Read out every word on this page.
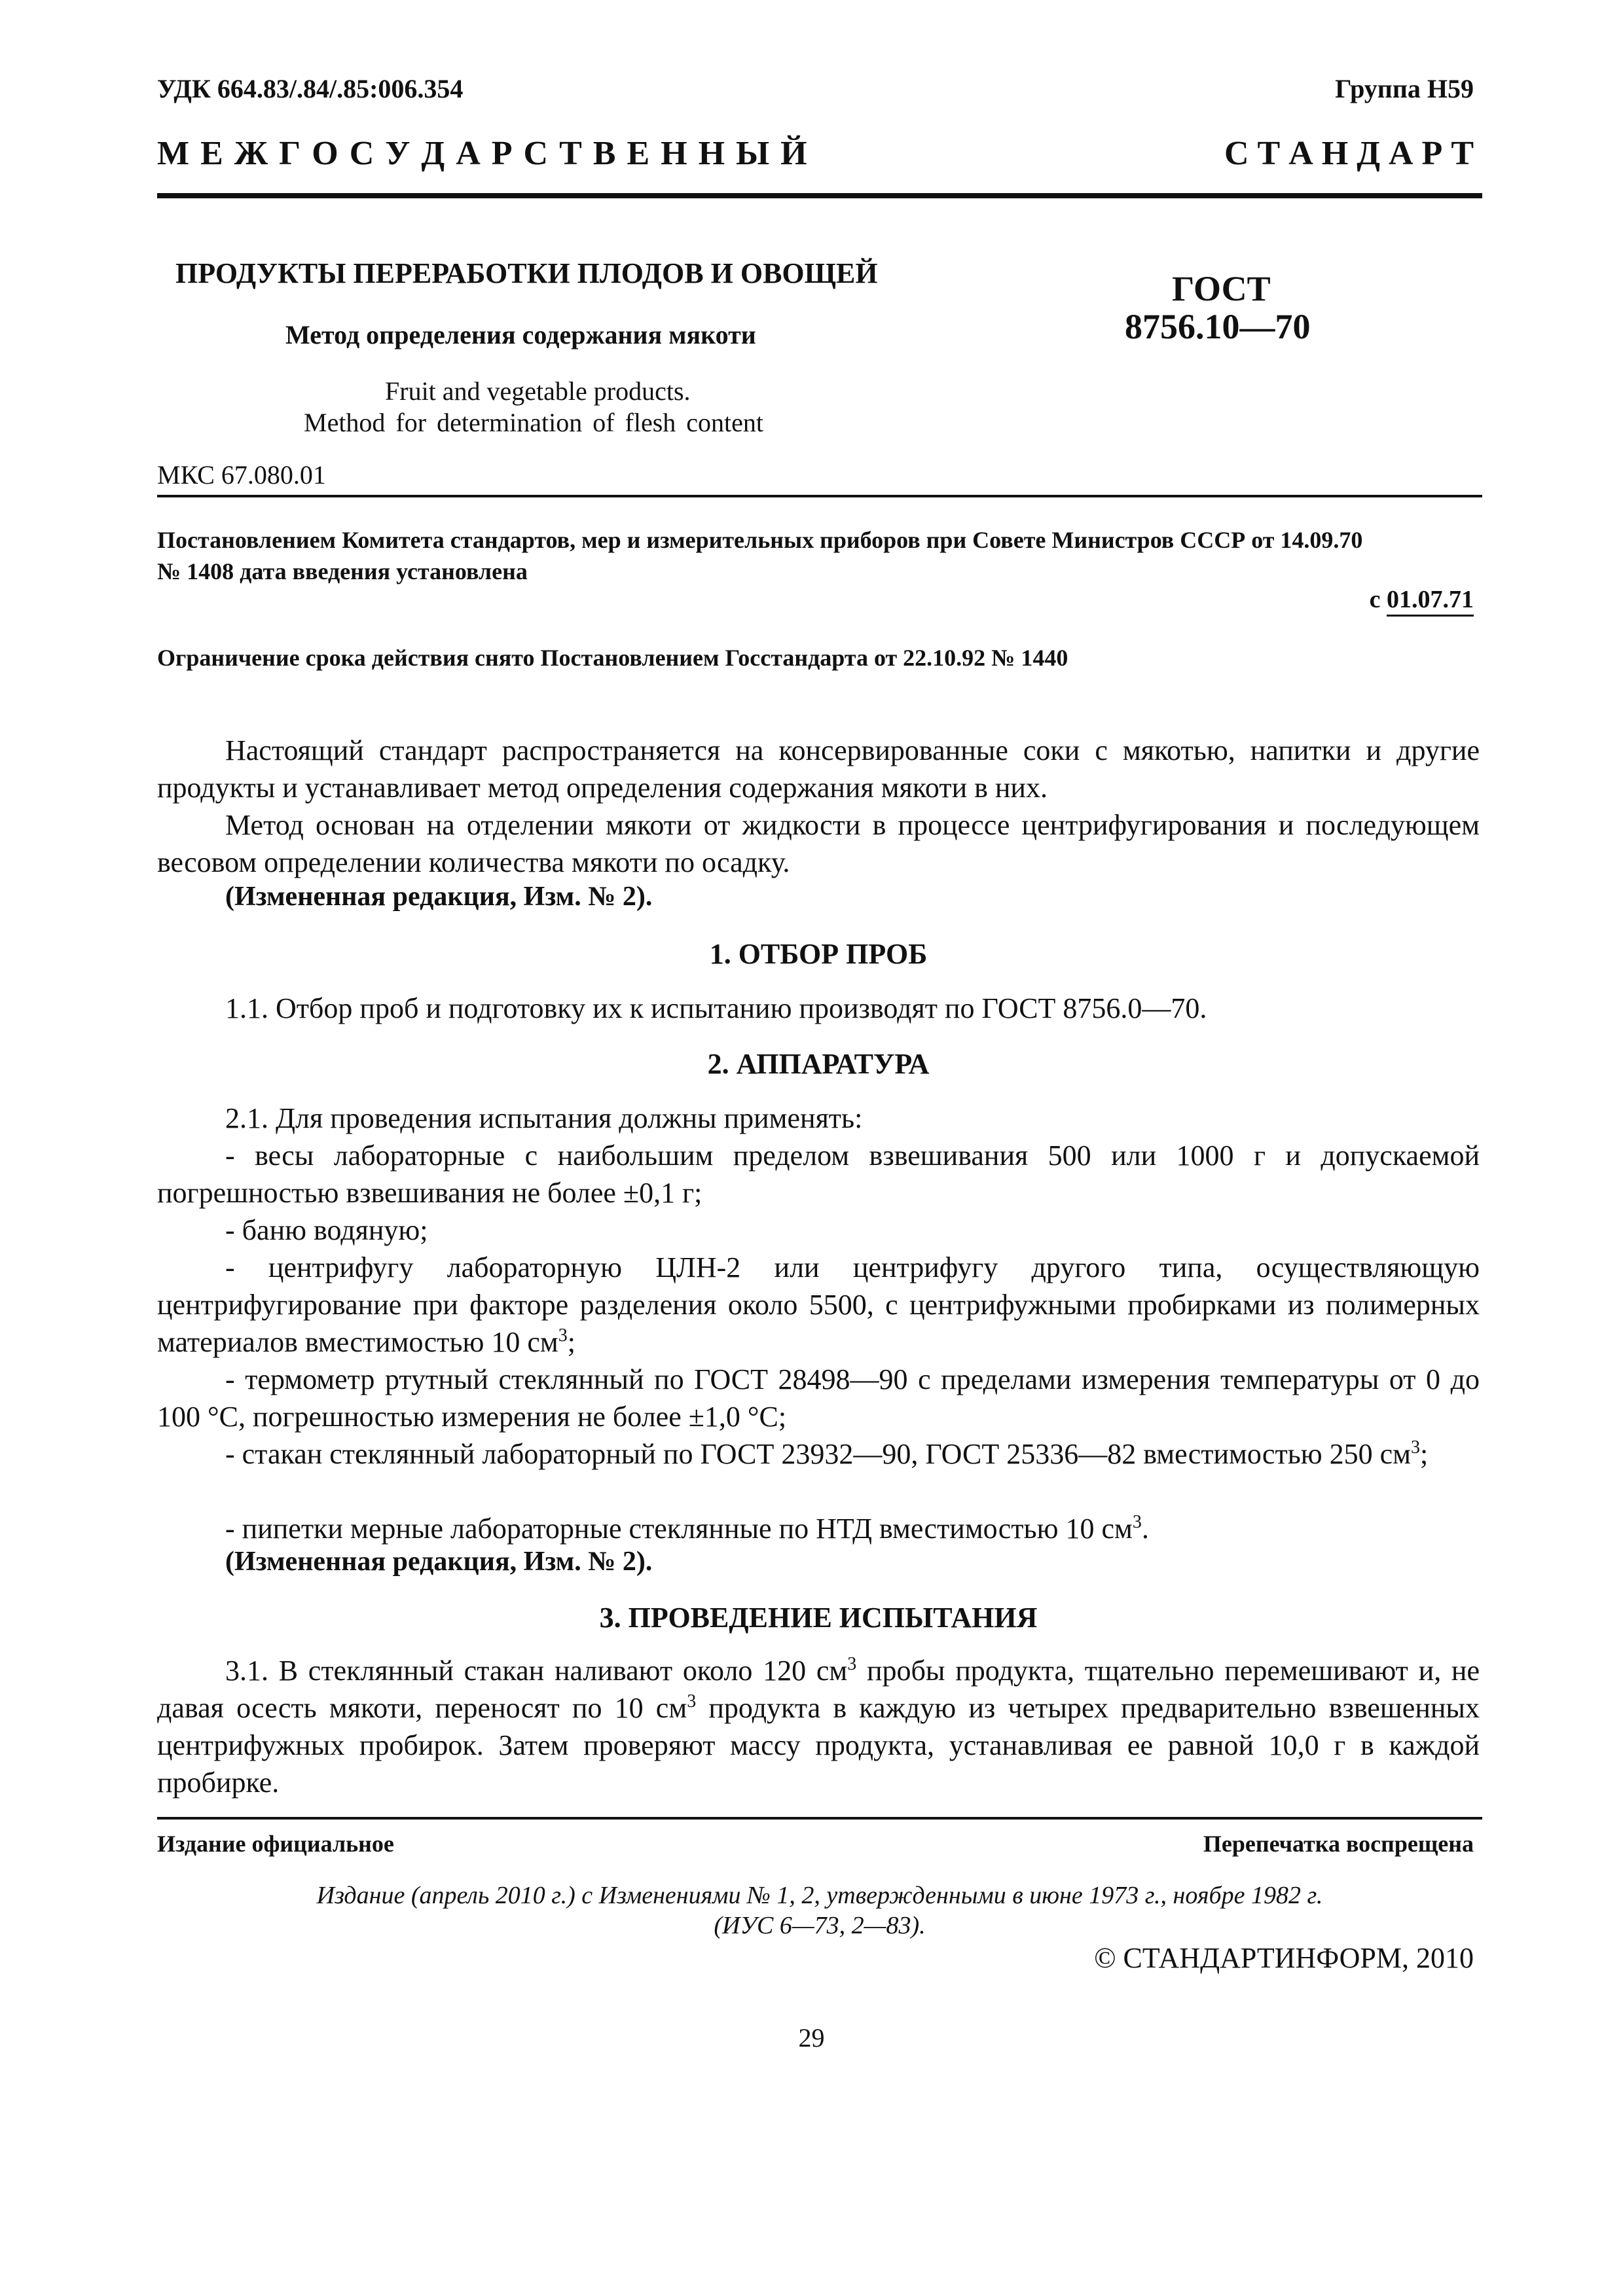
УДК 664.83/.84/.85:006.354	Группа Н59
М Е Ж Г О С У Д А Р С Т В Е Н Н Ы Й	С Т А Н Д А Р Т
ПРОДУКТЫ ПЕРЕРАБОТКИ ПЛОДОВ И ОВОЩЕЙ
Метод определения содержания мякоти
Fruit and vegetable products.
Method for determination of flesh content
ГОСТ
8756.10—70
МКС 67.080.01
Постановлением Комитета стандартов, мер и измерительных приборов при Совете Министров СССР от 14.09.70
№ 1408 дата введения установлена
с 01.07.71
Ограничение срока действия снято Постановлением Госстандарта от 22.10.92 № 1440
Настоящий стандарт распространяется на консервированные соки с мякотью, напитки и другие продукты и устанавливает метод определения содержания мякоти в них.
Метод основан на отделении мякоти от жидкости в процессе центрифугирования и последующем весовом определении количества мякоти по осадку.
(Измененная редакция, Изм. № 2).
1. ОТБОР ПРОБ
1.1. Отбор проб и подготовку их к испытанию производят по ГОСТ 8756.0—70.
2. АППАРАТУРА
2.1. Для проведения испытания должны применять:
- весы лабораторные с наибольшим пределом взвешивания 500 или 1000 г и допускаемой погрешностью взвешивания не более ±0,1 г;
- баню водяную;
- центрифугу лабораторную ЦЛН-2 или центрифугу другого типа, осуществляющую центрифугирование при факторе разделения около 5500, с центрифужными пробирками из полимерных материалов вместимостью 10 $см^3$;
- термометр ртутный стеклянный по ГОСТ 28498—90 с пределами измерения температуры от 0 до 100 °С, погрешностью измерения не более ±1,0 °С;
- стакан стеклянный лабораторный по ГОСТ 23932—90, ГОСТ 25336—82 вместимостью 250 $см^3$;
- пипетки мерные лабораторные стеклянные по НТД вместимостью 10 $см^3$.
(Измененная редакция, Изм. № 2).
3. ПРОВЕДЕНИЕ ИСПЫТАНИЯ
3.1. В стеклянный стакан наливают около 120 $см^3$ пробы продукта, тщательно перемешивают и, не давая осесть мякоти, переносят по 10 $см^3$ продукта в каждую из четырех предварительно взвешенных центрифужных пробирок. Затем проверяют массу продукта, устанавливая ее равной 10,0 г в каждой пробирке.
Издание официальное	Перепечатка воспрещена
Издание (апрель 2010 г.) с Изменениями № 1, 2, утвержденными в июне 1973 г., ноябре 1982 г.
(ИУС 6—73, 2—83).
© СТАНДАРТИНФОРМ, 2010
29
